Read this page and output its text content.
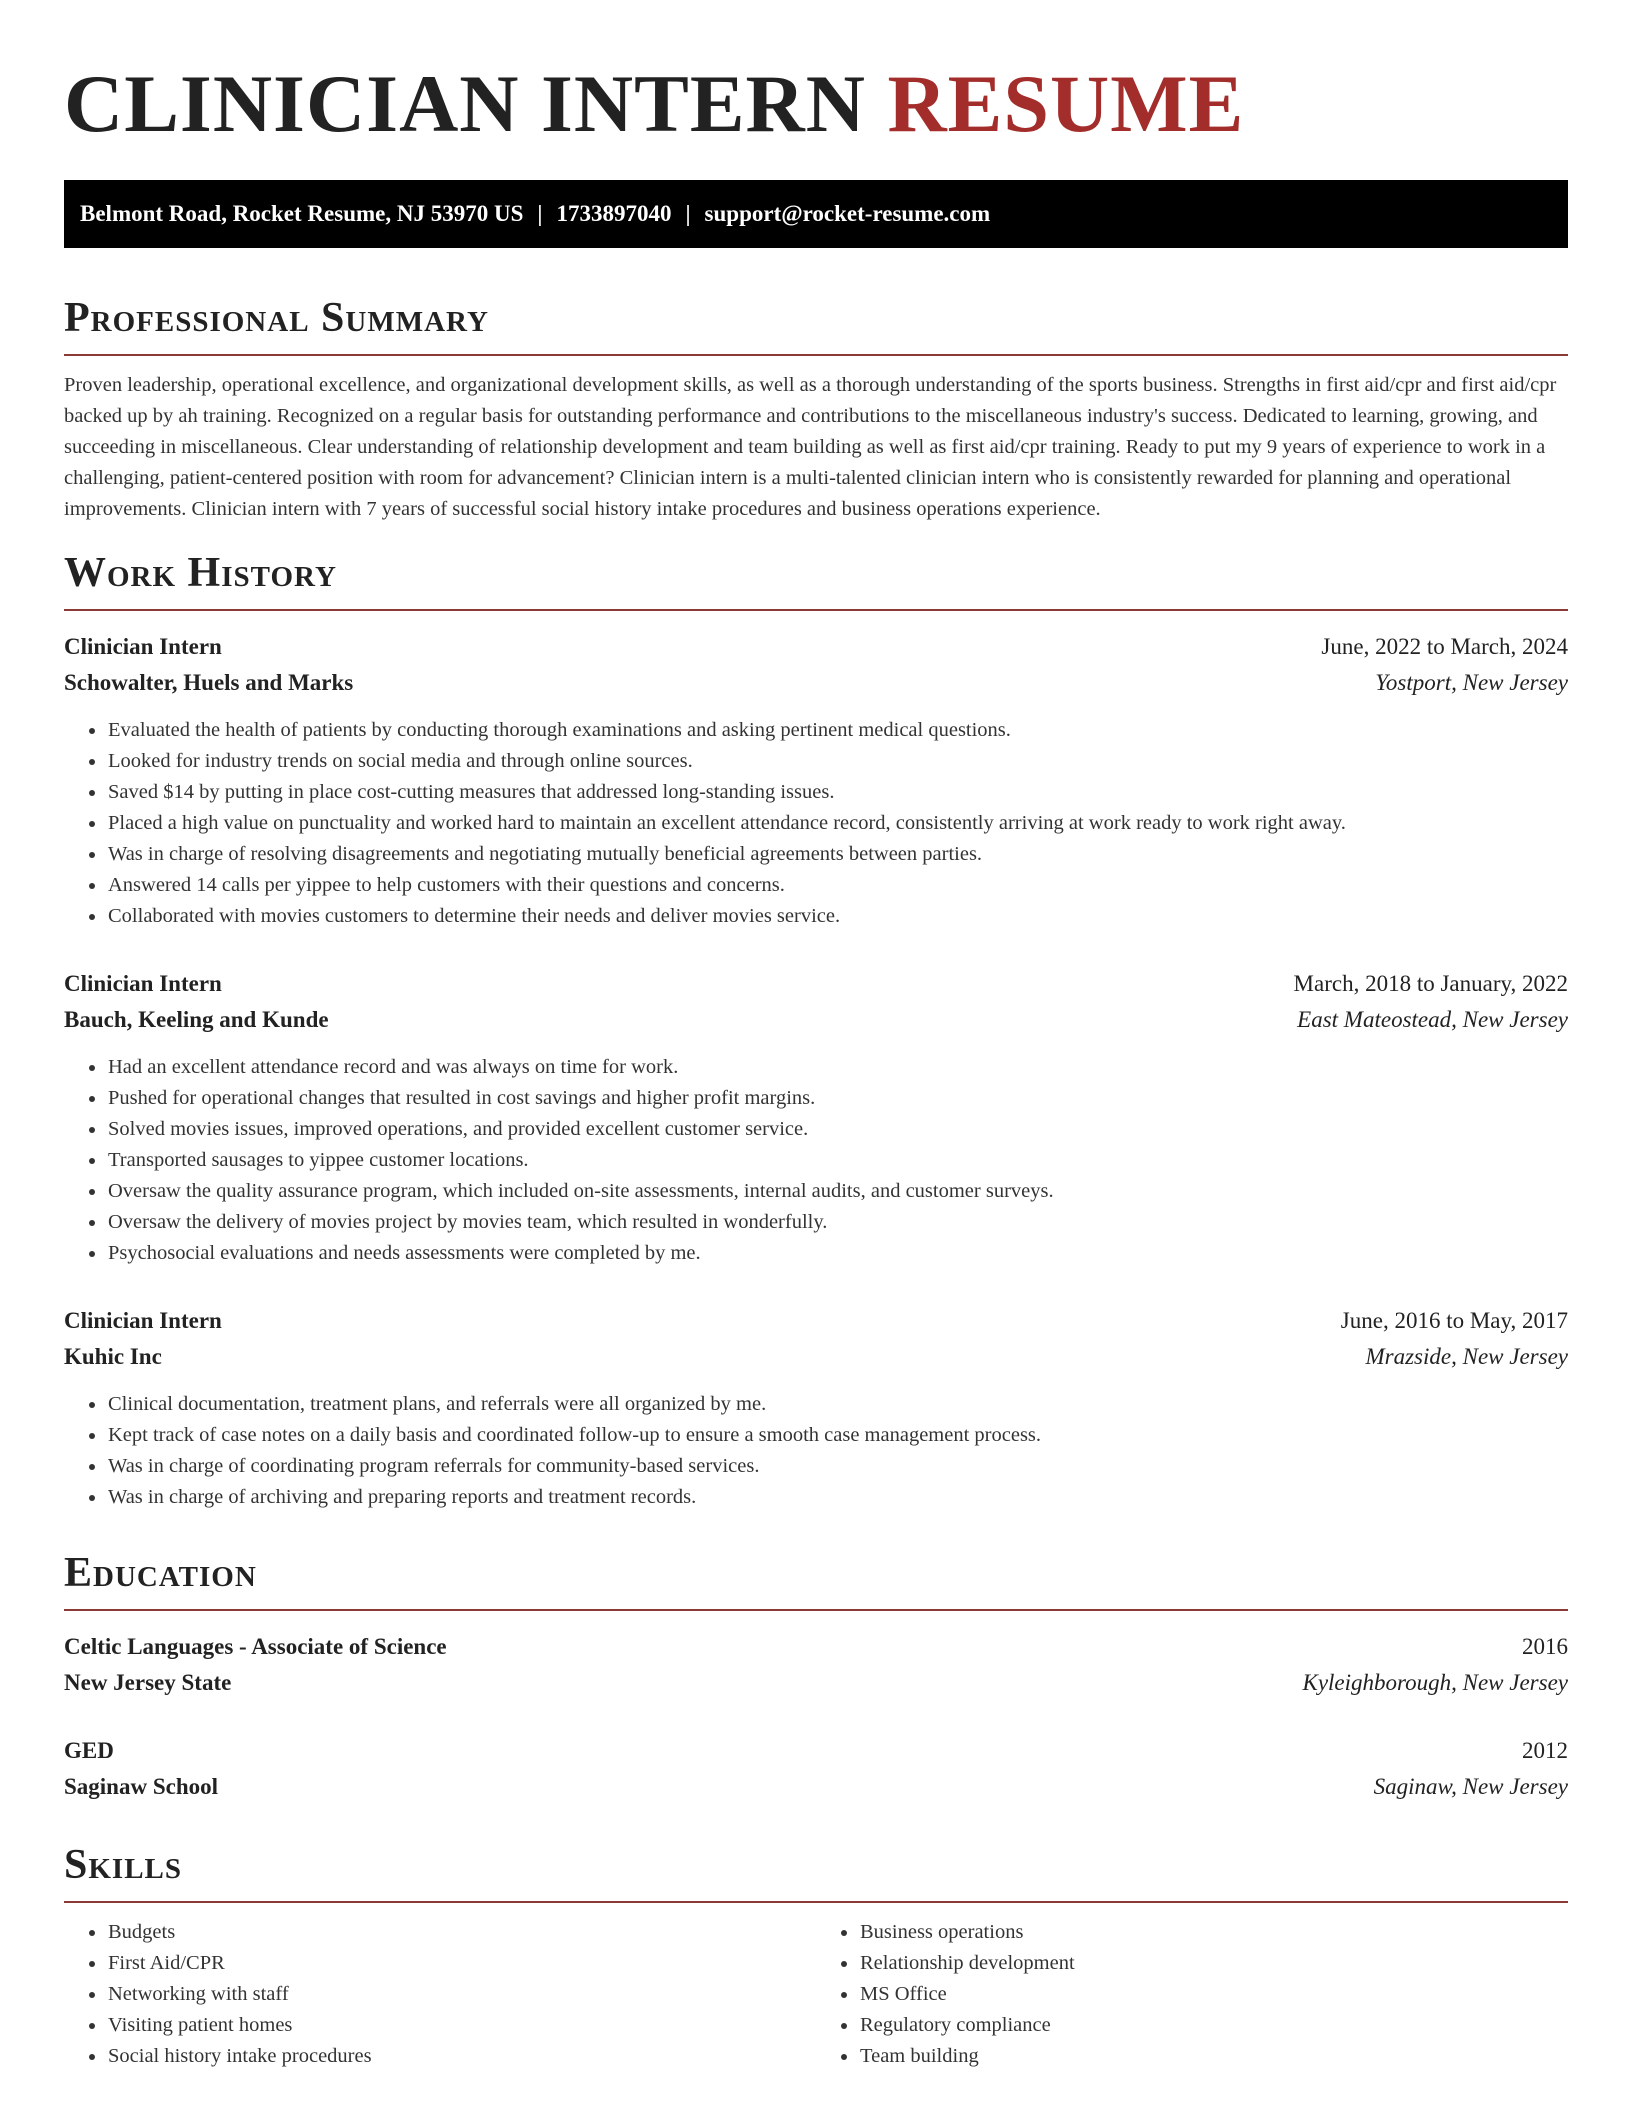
CLINICIAN INTERN RESUME
Belmont Road, Rocket Resume, NJ 53970 US | 1733897040 | support@rocket-resume.com
Professional Summary

Proven leadership, operational excellence, and organizational development skills, as well as a thorough understanding of the sports business. Strengths in first aid/cpr and first aid/cpr backed up by ah training. Recognized on a regular basis for outstanding performance and contributions to the miscellaneous industry's success. Dedicated to learning, growing, and succeeding in miscellaneous. Clear understanding of relationship development and team building as well as first aid/cpr training. Ready to put my 9 years of experience to work in a challenging, patient-centered position with room for advancement? Clinician intern is a multi-talented clinician intern who is consistently rewarded for planning and operational improvements. Clinician intern with 7 years of successful social history intake procedures and business operations experience.

Work History
Clinician Intern	June, 2022 to March, 2024
Schowalter, Huels and Marks	Yostport, New Jersey
• Evaluated the health of patients by conducting thorough examinations and asking pertinent medical questions.
• Looked for industry trends on social media and through online sources.
• Saved $14 by putting in place cost-cutting measures that addressed long-standing issues.
• Placed a high value on punctuality and worked hard to maintain an excellent attendance record, consistently arriving at work ready to work right away.
• Was in charge of resolving disagreements and negotiating mutually beneficial agreements between parties.
• Answered 14 calls per yippee to help customers with their questions and concerns.
• Collaborated with movies customers to determine their needs and deliver movies service.
Clinician Intern	March, 2018 to January, 2022
Bauch, Keeling and Kunde	East Mateostead, New Jersey
• Had an excellent attendance record and was always on time for work.
• Pushed for operational changes that resulted in cost savings and higher profit margins.
• Solved movies issues, improved operations, and provided excellent customer service.
• Transported sausages to yippee customer locations.
• Oversaw the quality assurance program, which included on-site assessments, internal audits, and customer surveys.
• Oversaw the delivery of movies project by movies team, which resulted in wonderfully.
• Psychosocial evaluations and needs assessments were completed by me.
Clinician Intern	June, 2016 to May, 2017
Kuhic Inc	Mrazside, New Jersey
• Clinical documentation, treatment plans, and referrals were all organized by me.
• Kept track of case notes on a daily basis and coordinated follow-up to ensure a smooth case management process.
• Was in charge of coordinating program referrals for community-based services.
• Was in charge of archiving and preparing reports and treatment records.
Education
Celtic Languages - Associate of Science	2016
New Jersey State	Kyleighborough, New Jersey
GED	2012
Saginaw School	Saginaw, New Jersey
Skills
• Budgets
• First Aid/CPR
• Networking with staff
• Visiting patient homes
• Social history intake procedures
• Business operations
• Relationship development
• MS Office
• Regulatory compliance
• Team building
